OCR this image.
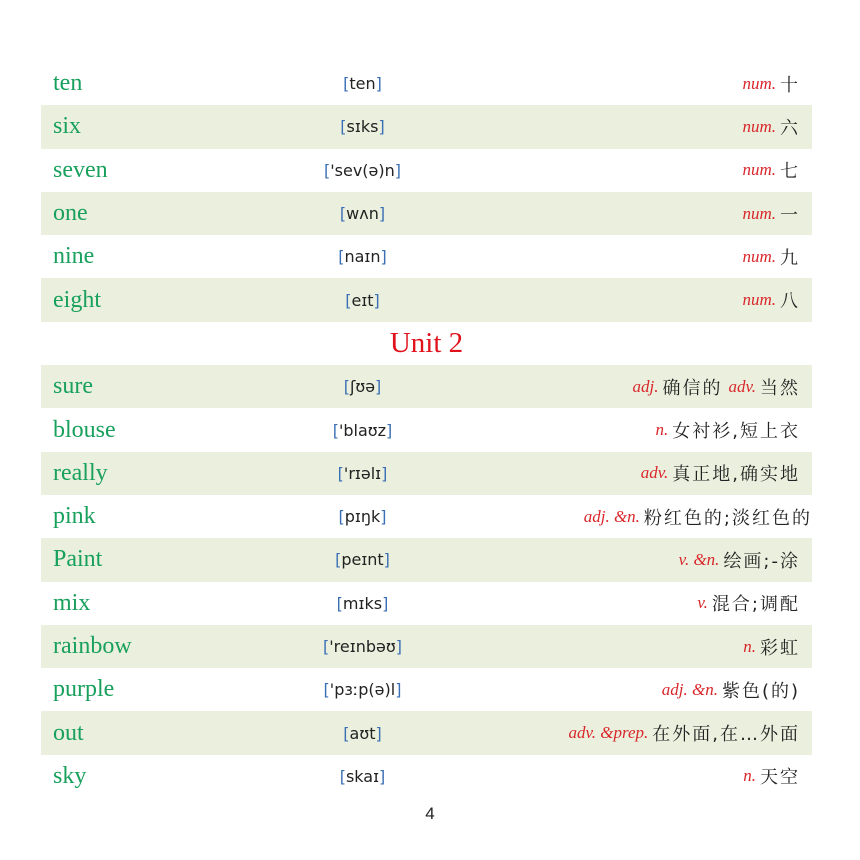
ten	[ ten ]	num. 十
six	[ sɪks ]	num. 六
seven	[ 'sev(ə)n ]	num. 七
one	[ wʌn ]	num. 一
nine	[ naɪn ]	num. 九
eight	[ eɪt ]	num. 八
Unit 2
sure	[ ʃʊə ]	adj. 确信的 adv. 当然
blouse	[ 'blaʊz ]	n. 女衬衫,短上衣
really	[ 'rɪəlɪ ]	adv. 真正地,确实地
pink	[ pɪŋk ]	adj. &n. 粉红色的;淡红色的
Paint	[ peɪnt ]	v. &n. 绘画;-涂
mix	[ mɪks ]	v. 混合;调配
rainbow	[ 'reɪnbəʊ ]	n. 彩虹
purple	[ 'pɜːp(ə)l ]	adj. &n. 紫色(的)
out	[ aʊt ]	adv. &prep. 在外面,在…外面
sky	[ skaɪ ]	n. 天空
4
